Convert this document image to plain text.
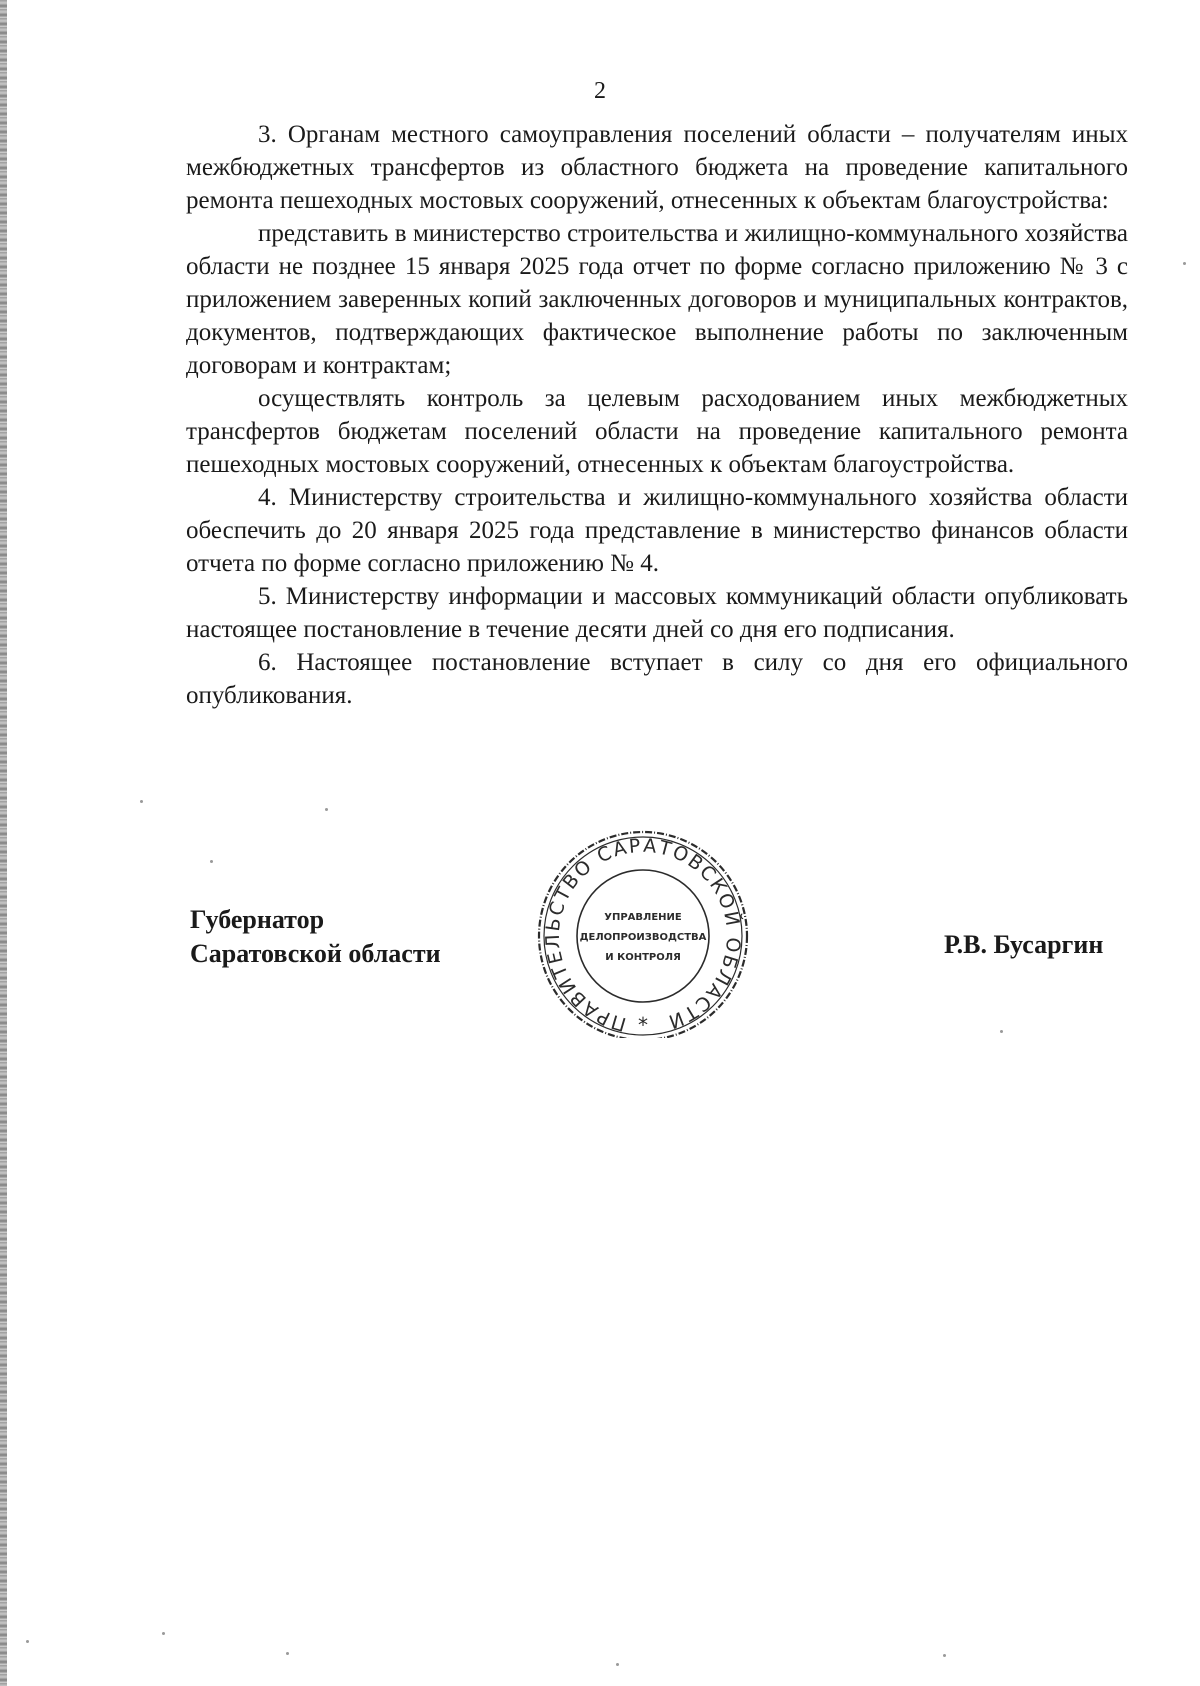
2

3. Органам местного самоуправления поселений области – получателям иных межбюджетных трансфертов из областного бюджета на проведение капитального ремонта пешеходных мостовых сооружений, отнесенных к объектам благоустройства:

представить в министерство строительства и жилищно-коммунального хозяйства области не позднее 15 января 2025 года отчет по форме согласно приложению № 3 с приложением заверенных копий заключенных договоров и муниципальных контрактов, документов, подтверждающих фактическое выполнение работы по заключенным договорам и контрактам;

осуществлять контроль за целевым расходованием иных межбюджетных трансфертов бюджетам поселений области на проведение капитального ремонта пешеходных мостовых сооружений, отнесенных к объектам благоустройства.

4. Министерству строительства и жилищно-коммунального хозяйства области обеспечить до 20 января 2025 года представление в министерство финансов области отчета по форме согласно приложению № 4.

5. Министерству информации и массовых коммуникаций области опубликовать настоящее постановление в течение десяти дней со дня его подписания.

6. Настоящее постановление вступает в силу со дня его официального опубликования.

Губернатор
Саратовской области	Р.В. Бусаргин
ПРАВИТЕЛЬСТВО САРАТОВСКОЙ ОБЛАСТИ
УПРАВЛЕНИЕ
ДЕЛОПРОИЗВОДСТВА
И КОНТРОЛЯ
*
